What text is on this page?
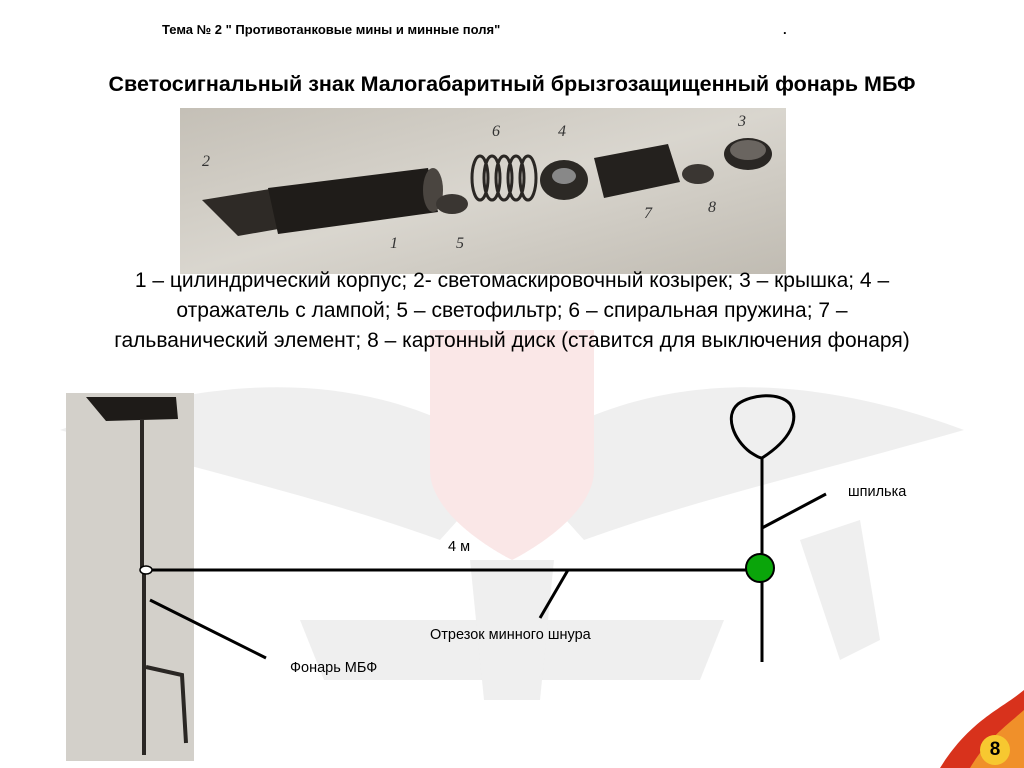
Тема № 2 " Противотанковые мины и минные поля"	.
Светосигнальный знак Малогабаритный брызгозащищенный фонарь МБФ
2
6	4
3
1	5
7	8
1 – цилиндрический корпус; 2- светомаскировочный козырек; 3 – крышка; 4 –
отражатель с лампой; 5 – светофильтр; 6 – спиральная пружина; 7 –
гальванический элемент; 8 – картонный диск (ставится для выключения фонаря)
шпилька
4 м
Отрезок минного шнура
Фонарь МБФ
8
